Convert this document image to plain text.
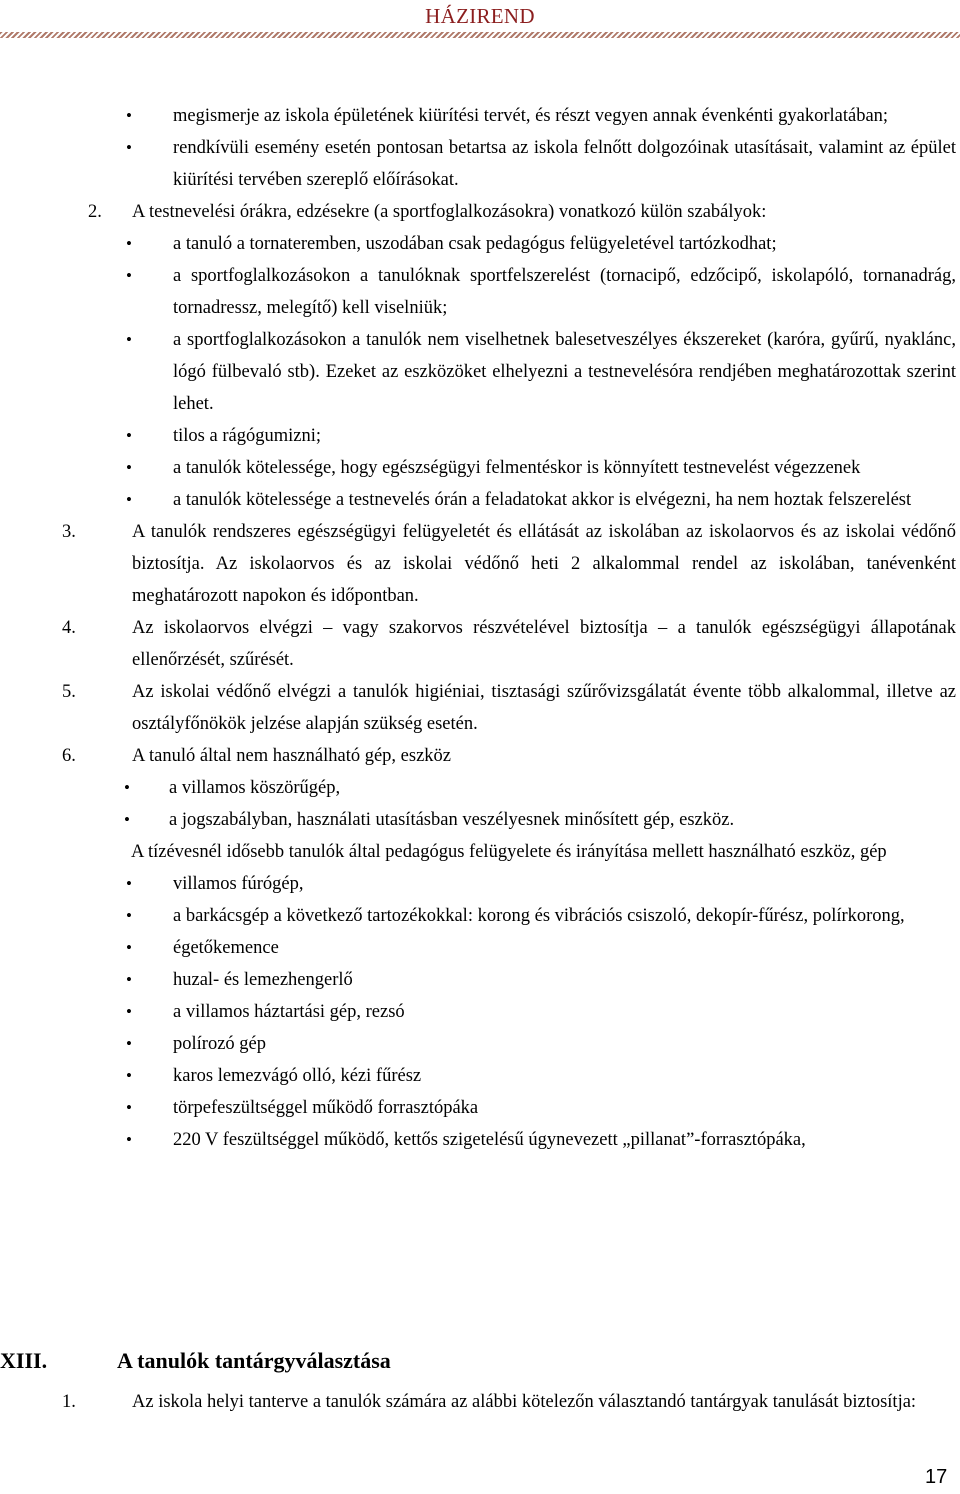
HÁZIREND
• megismerje az iskola épületének kiürítési tervét, és részt vegyen annak évenkénti gyakorlatában;
• rendkívüli esemény esetén pontosan betartsa az iskola felnőtt dolgozóinak utasításait, valamint az épület kiürítési tervében szereplő előírásokat.
2. A testnevelési órákra, edzésekre (a sportfoglalkozásokra) vonatkozó külön szabályok:
• a tanuló a tornateremben, uszodában csak pedagógus felügyeletével tartózkodhat;
• a sportfoglalkozásokon a tanulóknak sportfelszerelést (tornacipő, edzőcipő, iskolapóló, tornanadrág, tornadressz, melegítő) kell viselniük;
• a sportfoglalkozásokon a tanulók nem viselhetnek balesetveszélyes ékszereket (karóra, gyűrű, nyaklánc, lógó fülbevaló stb). Ezeket az eszközöket elhelyezni a testnevelésóra rendjében meghatározottak szerint lehet.
• tilos a rágógumizni;
• a tanulók kötelessége, hogy egészségügyi felmentéskor is könnyített testnevelést végezzenek
• a tanulók kötelessége a testnevelés órán a feladatokat akkor is elvégezni, ha nem hoztak felszerelést
3.	A tanulók rendszeres egészségügyi felügyeletét és ellátását az iskolában az iskolaorvos és az iskolai védőnő biztosítja. Az iskolaorvos és az iskolai védőnő heti 2 alkalommal rendel az iskolában, tanévenként meghatározott napokon és időpontban.
4.	Az iskolaorvos elvégzi – vagy szakorvos részvételével biztosítja – a tanulók egészségügyi állapotának ellenőrzését, szűrését.
5.	Az iskolai védőnő elvégzi a tanulók higiéniai, tisztasági szűrővizsgálatát évente több alkalommal, illetve az osztályfőnökök jelzése alapján szükség esetén.
6.	A tanuló által nem használható gép, eszköz
• a villamos köszörűgép,
• a jogszabályban, használati utasításban veszélyesnek minősített gép, eszköz.
A tízévesnél idősebb tanulók által pedagógus felügyelete és irányítása mellett használható eszköz, gép
• villamos fúrógép,
• a barkácsgép a következő tartozékokkal: korong és vibrációs csiszoló, dekopír-fűrész, polírkorong,
• égetőkemence
• huzal- és lemezhengerlő
• a villamos háztartási gép, rezsó
• polírozó gép
• karos lemezvágó olló, kézi fűrész
• törpefeszültséggel működő forrasztópáka
• 220 V feszültséggel működő, kettős szigetelésű úgynevezett „pillanat”-forrasztópáka,
XIII.	A tanulók tantárgyválasztása
1.	Az iskola helyi tanterve a tanulók számára az alábbi kötelezőn választandó tantárgyak tanulását biztosítja:
17
